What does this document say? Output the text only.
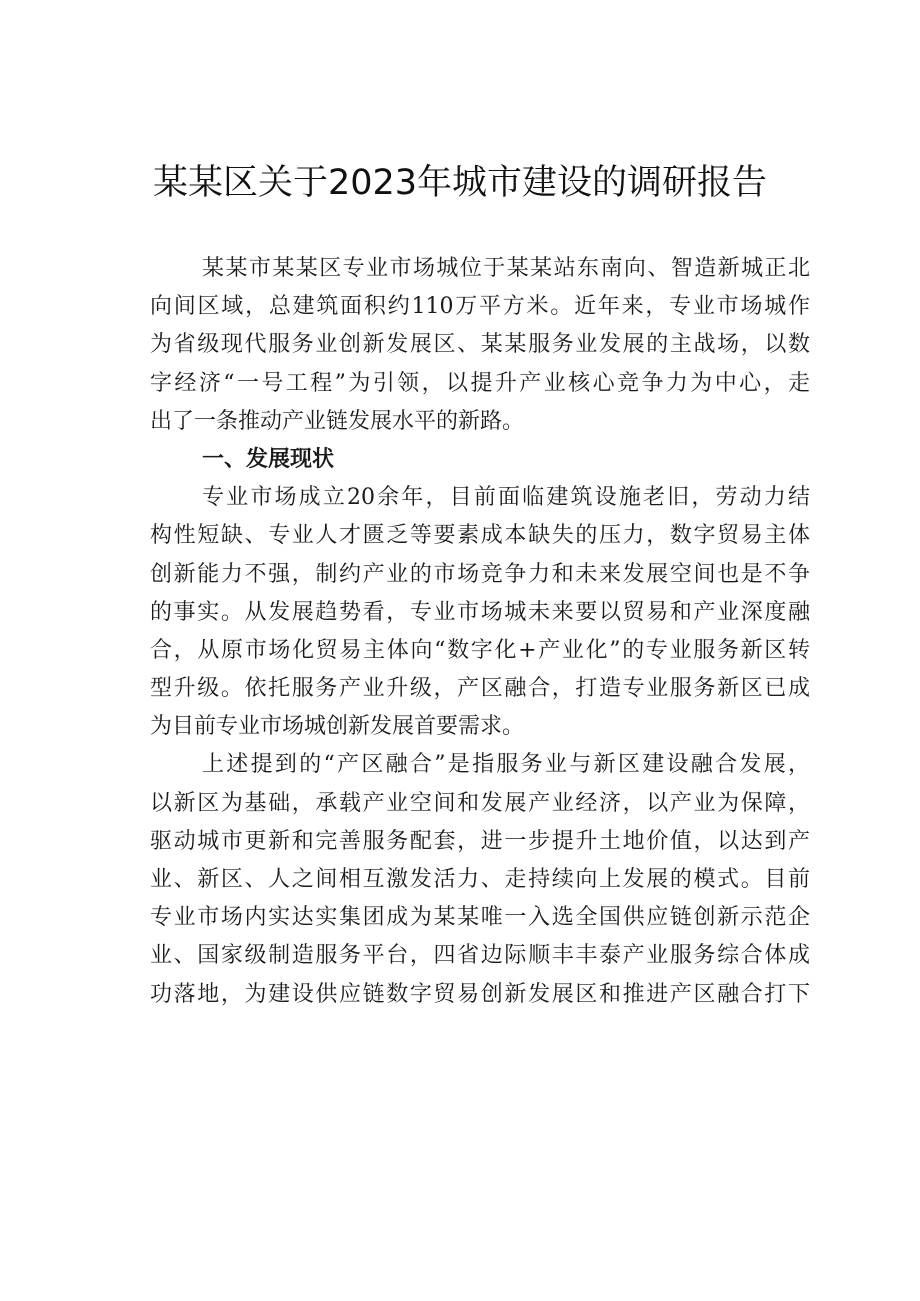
某某区关于2023年城市建设的调研报告
某某市某某区专业市场城位于某某站东南向、智造新城正北
向间区域，总建筑面积约110万平方米。近年来，专业市场城作
为省级现代服务业创新发展区、某某服务业发展的主战场，以数
字经济“一号工程”为引领，以提升产业核心竞争力为中心，走
出了一条推动产业链发展水平的新路。
一、发展现状
专业市场成立20余年，目前面临建筑设施老旧，劳动力结
构性短缺、专业人才匮乏等要素成本缺失的压力，数字贸易主体
创新能力不强，制约产业的市场竞争力和未来发展空间也是不争
的事实。从发展趋势看，专业市场城未来要以贸易和产业深度融
合，从原市场化贸易主体向“数字化+产业化”的专业服务新区转
型升级。依托服务产业升级，产区融合，打造专业服务新区已成
为目前专业市场城创新发展首要需求。
上述提到的“产区融合”是指服务业与新区建设融合发展，
以新区为基础，承载产业空间和发展产业经济，以产业为保障，
驱动城市更新和完善服务配套，进一步提升土地价值，以达到产
业、新区、人之间相互激发活力、走持续向上发展的模式。目前
专业市场内实达实集团成为某某唯一入选全国供应链创新示范企
业、国家级制造服务平台，四省边际顺丰丰泰产业服务综合体成
功落地，为建设供应链数字贸易创新发展区和推进产区融合打下
